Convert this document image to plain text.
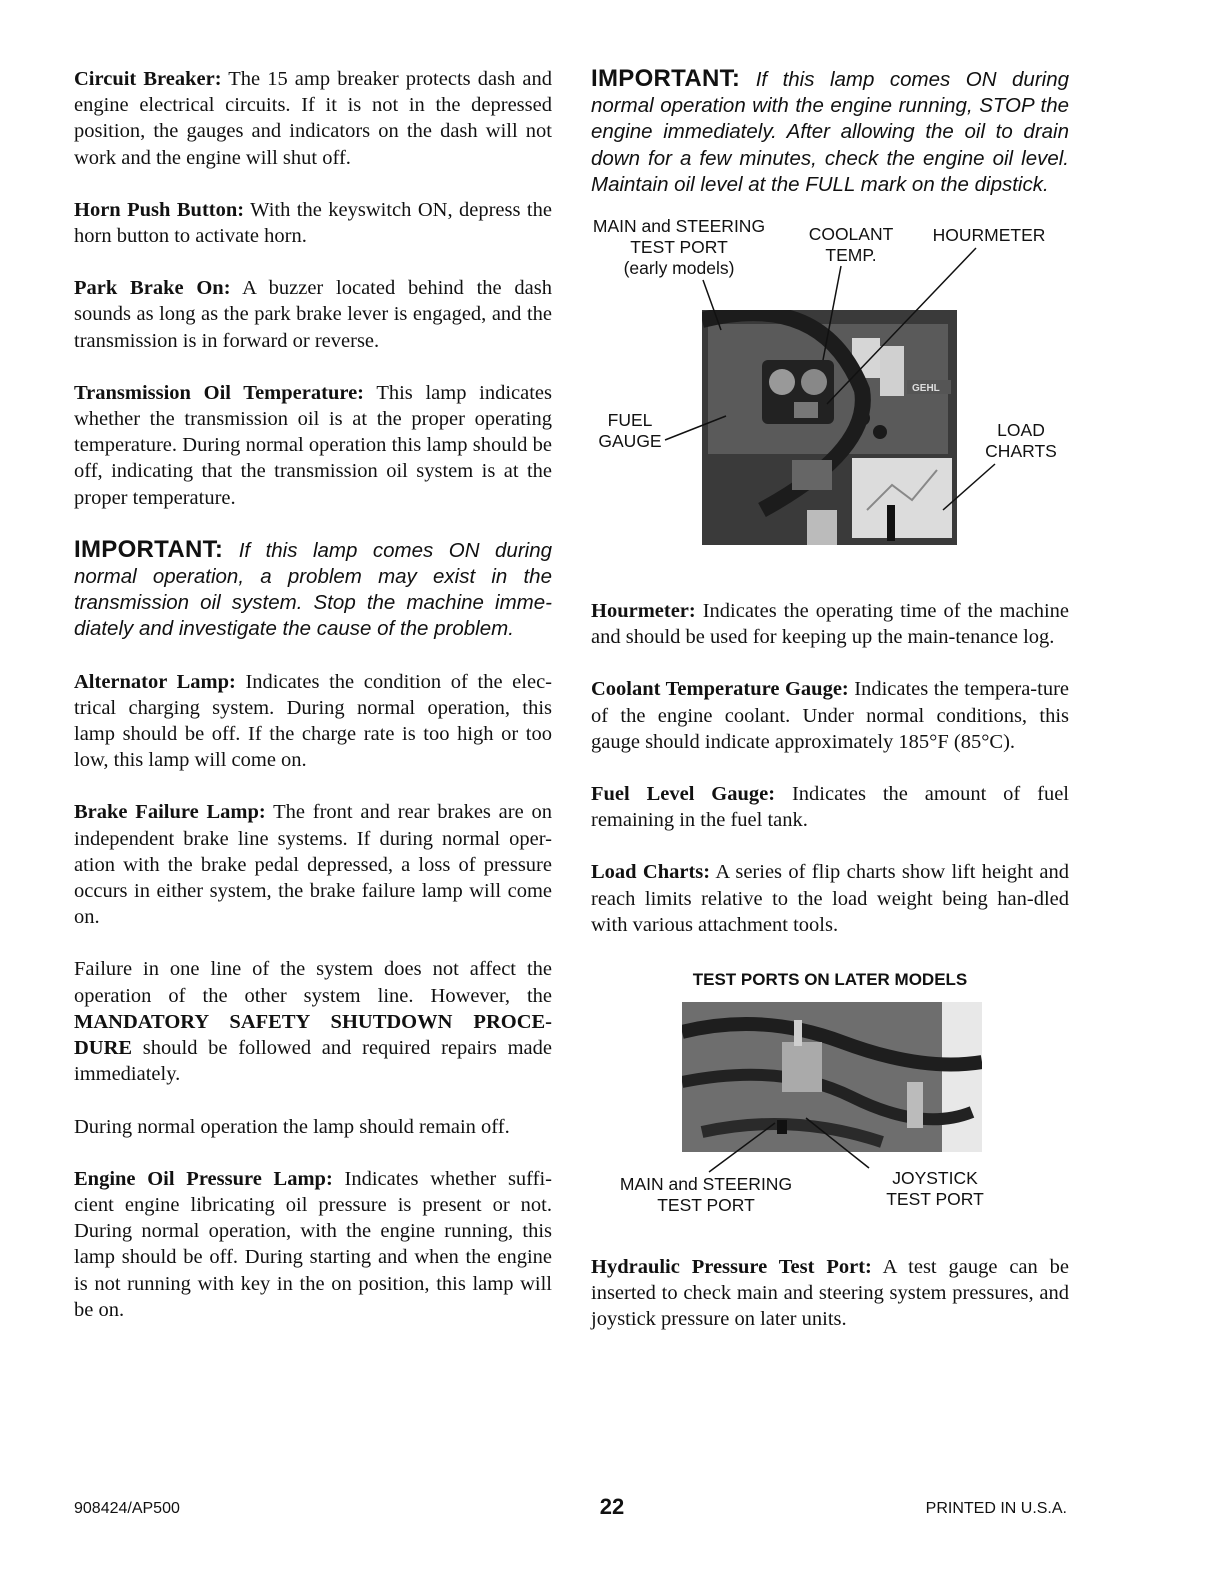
Circuit Breaker: The 15 amp breaker protects dash and engine electrical circuits. If it is not in the depressed position, the gauges and indicators on the dash will not work and the engine will shut off.

Horn Push Button: With the keyswitch ON, depress the horn button to activate horn.

Park Brake On: A buzzer located behind the dash sounds as long as the park brake lever is engaged, and the transmission is in forward or reverse.

Transmission Oil Temperature: This lamp indicates whether the transmission oil is at the proper operating temperature. During normal operation this lamp should be off, indicating that the transmission oil system is at the proper temperature.

IMPORTANT: If this lamp comes ON during normal operation, a problem may exist in the transmission oil system. Stop the machine imme-diately and investigate the cause of the problem.

Alternator Lamp: Indicates the condition of the elec-trical charging system. During normal operation, this lamp should be off. If the charge rate is too high or too low, this lamp will come on.

Brake Failure Lamp: The front and rear brakes are on independent brake line systems. If during normal oper-ation with the brake pedal depressed, a loss of pressure occurs in either system, the brake failure lamp will come on.

Failure in one line of the system does not affect the operation of the other system line. However, the MANDATORY SAFETY SHUTDOWN PROCE-DURE should be followed and required repairs made immediately.

During normal operation the lamp should remain off.

Engine Oil Pressure Lamp: Indicates whether suffi-cient engine libricating oil pressure is present or not. During normal operation, with the engine running, this lamp should be off. During starting and when the engine is not running with key in the on position, this lamp will be on.

IMPORTANT: If this lamp comes ON during normal operation with the engine running, STOP the engine immediately. After allowing the oil to drain down for a few minutes, check the engine oil level. Maintain oil level at the FULL mark on the dipstick.

MAIN and STEERING
TEST PORT
(early models)
COOLANT
TEMP.
HOURMETER
FUEL
GAUGE
LOAD
CHARTS
GEHL

Hourmeter: Indicates the operating time of the machine and should be used for keeping up the main-tenance log.

Coolant Temperature Gauge: Indicates the tempera-ture of the engine coolant. Under normal conditions, this gauge should indicate approximately 185°F (85°C).

Fuel Level Gauge: Indicates the amount of fuel remaining in the fuel tank.

Load Charts: A series of flip charts show lift height and reach limits relative to the load weight being han-dled with various attachment tools.

TEST PORTS ON LATER MODELS
MAIN and STEERING
TEST PORT
JOYSTICK
TEST PORT

Hydraulic Pressure Test Port: A test gauge can be inserted to check main and steering system pressures, and joystick pressure on later units.

908424/AP500	22	PRINTED IN U.S.A.
